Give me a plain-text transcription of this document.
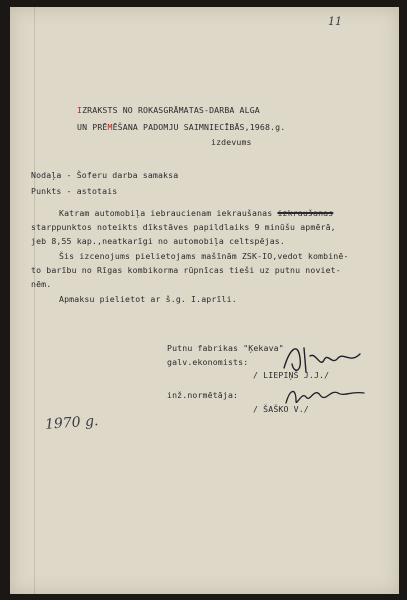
11
IZRAKSTS NO ROKASGRĀMATAS-DARBA ALGA
UN PRĒMĒŠANA PADOMJU SAIMNIECĪBĀS,1968.g.
izdevums
Nodaļa - Šoferu darba samaksa
Punkts - astotais
Katram automobiļa iebraucienam iekraušanas izkraušanas
starppunktos noteikts dīkstāves papildlaiks 9 minūšu apmērā,
jeb 8,55 kap.,neatkarīgi no automobiļa celtspējas.
Šis izcenojums pielietojams mašīnām ZSK-IO,vedot kombinē-
to barību no Rīgas kombikorma rūpnīcas tieši uz putnu noviet-
nēm.
Apmaksu pielietot ar š.g. I.aprīli.
Putnu fabrikas "Ķekava"
galv.ekonomists:
/ LIEPIŅŠ J.J./
inž.normētāja:
/ ŠAŠKO V./
1970 g.
